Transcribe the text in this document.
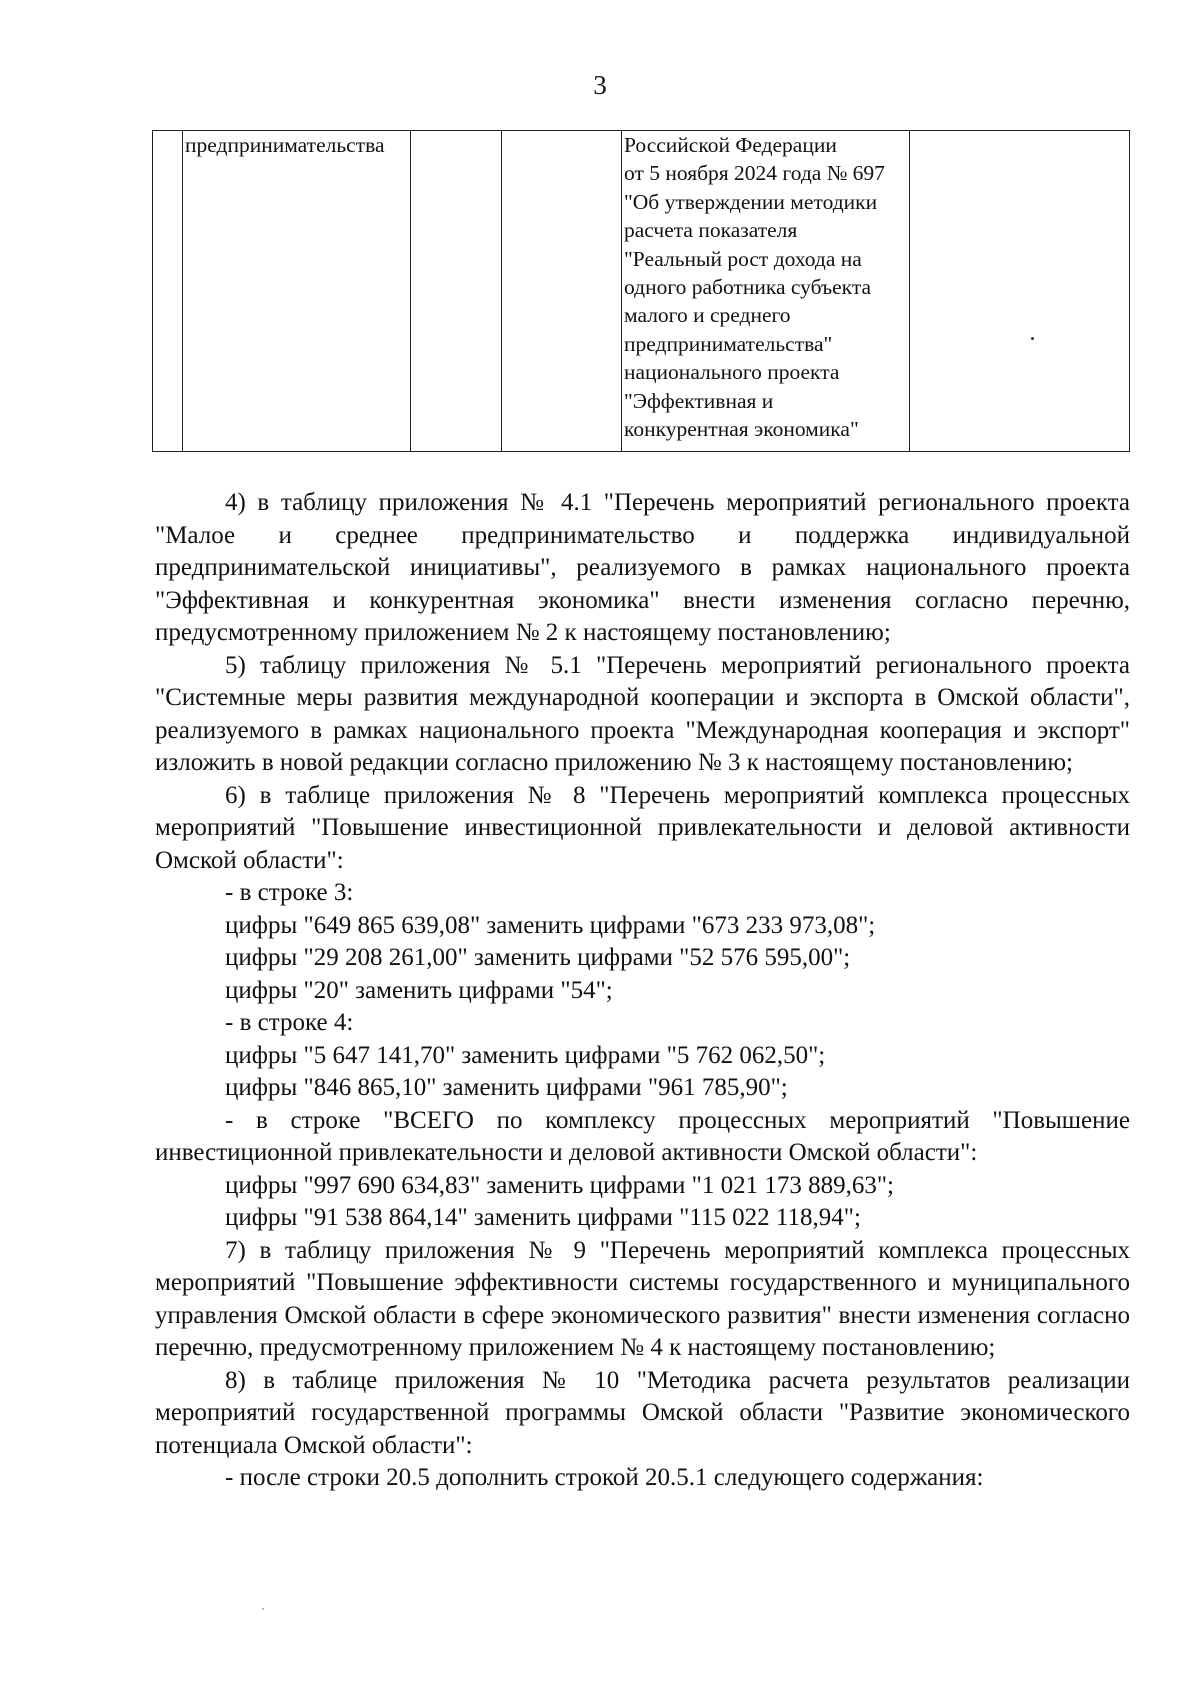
3
	предпринимательства			Российской Федерации
от 5 ноября 2024 года № 697
"Об утверждении методики
расчета показателя
"Реальный рост дохода на
одного работника субъекта
малого и среднего
предпринимательства"
национального проекта
"Эффективная и
конкурентная экономика"

4) в таблицу приложения № 4.1 "Перечень мероприятий регионального проекта "Малое и среднее предпринимательство и поддержка индивидуальной предпринимательской инициативы", реализуемого в рамках национального проекта "Эффективная и конкурентная экономика" внести изменения согласно перечню, предусмотренному приложением № 2 к настоящему постановлению;

5) таблицу приложения № 5.1 "Перечень мероприятий регионального проекта "Системные меры развития международной кооперации и экспорта в Омской области", реализуемого в рамках национального проекта "Международная кооперация и экспорт" изложить в новой редакции согласно приложению № 3 к настоящему постановлению;

6) в таблице приложения № 8 "Перечень мероприятий комплекса процессных мероприятий "Повышение инвестиционной привлекательности и деловой активности Омской области":

- в строке 3:

цифры "649 865 639,08" заменить цифрами "673 233 973,08";

цифры "29 208 261,00" заменить цифрами "52 576 595,00";

цифры "20" заменить цифрами "54";

- в строке 4:

цифры "5 647 141,70" заменить цифрами "5 762 062,50";

цифры "846 865,10" заменить цифрами "961 785,90";

- в строке "ВСЕГО по комплексу процессных мероприятий "Повышение инвестиционной привлекательности и деловой активности Омской области":

цифры "997 690 634,83" заменить цифрами "1 021 173 889,63";

цифры "91 538 864,14" заменить цифрами "115 022 118,94";

7) в таблицу приложения № 9 "Перечень мероприятий комплекса процессных мероприятий "Повышение эффективности системы государственного и муниципального управления Омской области в сфере экономического развития" внести изменения согласно перечню, предусмотренному приложением № 4 к настоящему постановлению;

8) в таблице приложения № 10 "Методика расчета результатов реализации мероприятий государственной программы Омской области "Развитие экономического потенциала Омской области":

- после строки 20.5 дополнить строкой 20.5.1 следующего содержания:
